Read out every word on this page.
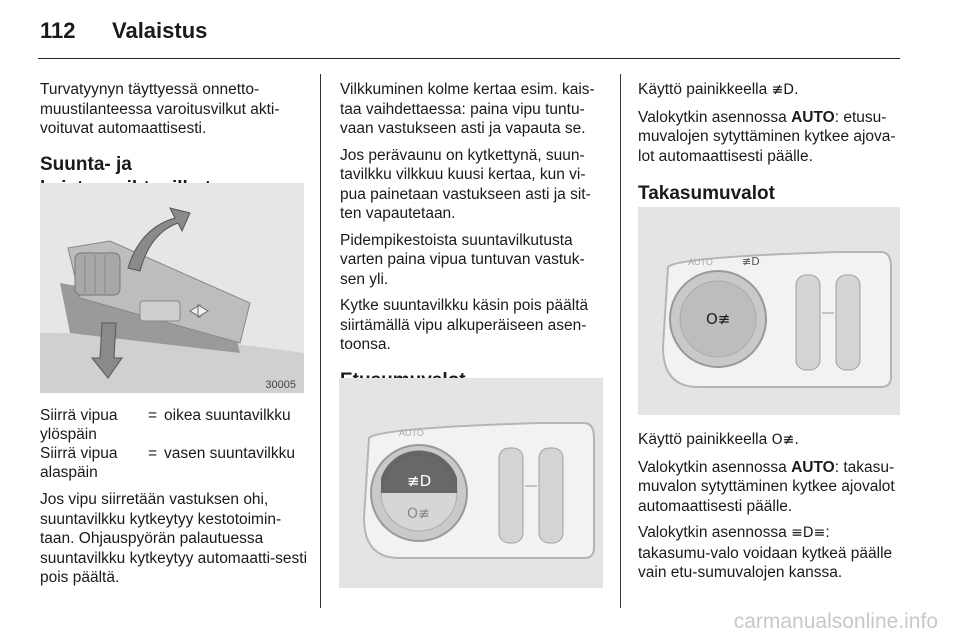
112 Valaistus

Turvatyynyn täyttyessä onnetto-muustilanteessa varoitusvilkut akti-voituvat automaattisesti.

Suunta- ja
30005
Siirrä vipua ylöspäin
= oikea suuntavilkku
Siirrä vipua alaspäin
= vasen suuntavilkku

Jos vipu siirretään vastuksen ohi, suuntavilkku kytkeytyy kestotoimin-taan. Ohjauspyörän palautuessa suuntavilkku kytkeytyy automaatti-sesti pois päältä.

Vilkkuminen kolme kertaa esim. kais-taa vaihdettaessa: paina vipu tuntu-vaan vastukseen asti ja vapauta se.

Jos perävaunu on kytkettynä, suun-tavilkku vilkkuu kuusi kertaa, kun vi-pua painetaan vastukseen asti ja sit-ten vapautetaan.

Pidempikestoista suuntavilkutusta varten paina vipua tuntuvan vastuk-sen yli.

Kytke suuntavilkku käsin pois päältä siirtämällä vipu alkuperäiseen asen-toonsa.

≢D
O≢
AUTO

Käyttö painikkeella ≢D.

Valokytkin asennossa AUTO: etusu-muvalojen sytyttäminen kytkee ajova-lot automaattisesti päälle.

Takasumuvalot
O≢
≢D
AUTO

Käyttö painikkeella O≢.

Valokytkin asennossa AUTO: takasu-muvalon sytyttäminen kytkee ajovalot automaattisesti päälle.

Valokytkin asennossa ≡D≡: takasumu-valo voidaan kytkeä päälle vain etu-sumuvalojen kanssa.

carmanualsonline.info
